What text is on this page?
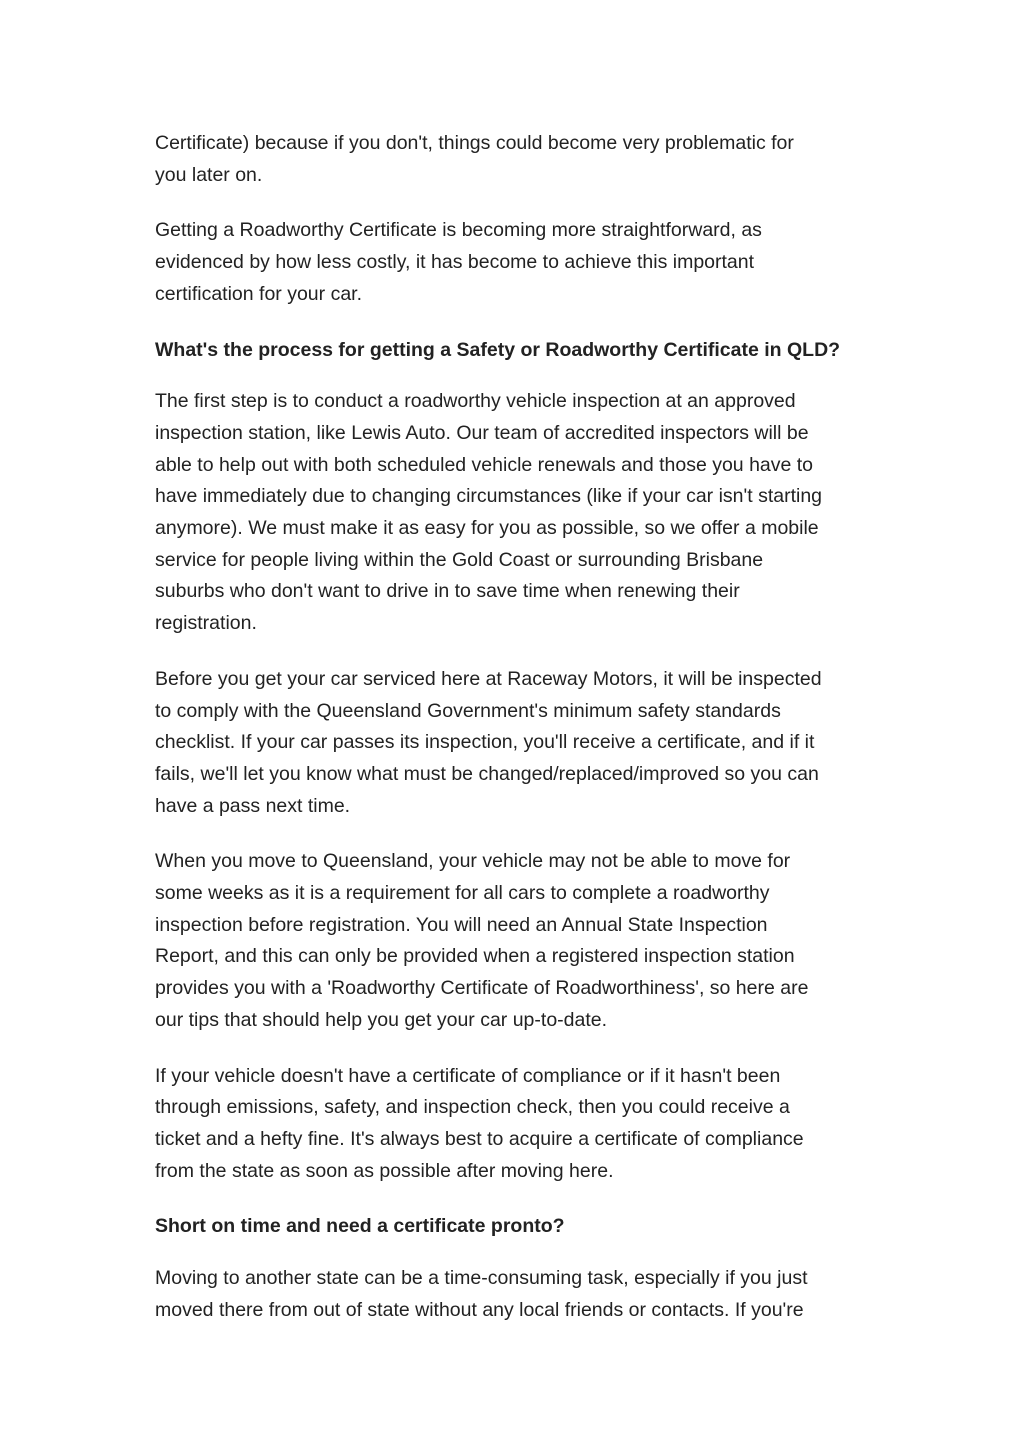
Certificate) because if you don't, things could become very problematic for
you later on.
Getting a Roadworthy Certificate is becoming more straightforward, as
evidenced by how less costly, it has become to achieve this important
certification for your car.
What's the process for getting a Safety or Roadworthy Certificate in QLD?
The first step is to conduct a roadworthy vehicle inspection at an approved
inspection station, like Lewis Auto. Our team of accredited inspectors will be
able to help out with both scheduled vehicle renewals and those you have to
have immediately due to changing circumstances (like if your car isn't starting
anymore). We must make it as easy for you as possible, so we offer a mobile
service for people living within the Gold Coast or surrounding Brisbane
suburbs who don't want to drive in to save time when renewing their
registration.
Before you get your car serviced here at Raceway Motors, it will be inspected
to comply with the Queensland Government's minimum safety standards
checklist. If your car passes its inspection, you'll receive a certificate, and if it
fails, we'll let you know what must be changed/replaced/improved so you can
have a pass next time.
When you move to Queensland, your vehicle may not be able to move for
some weeks as it is a requirement for all cars to complete a roadworthy
inspection before registration. You will need an Annual State Inspection
Report, and this can only be provided when a registered inspection station
provides you with a 'Roadworthy Certificate of Roadworthiness', so here are
our tips that should help you get your car up-to-date.
If your vehicle doesn't have a certificate of compliance or if it hasn't been
through emissions, safety, and inspection check, then you could receive a
ticket and a hefty fine. It's always best to acquire a certificate of compliance
from the state as soon as possible after moving here.
Short on time and need a certificate pronto?
Moving to another state can be a time-consuming task, especially if you just
moved there from out of state without any local friends or contacts. If you're
